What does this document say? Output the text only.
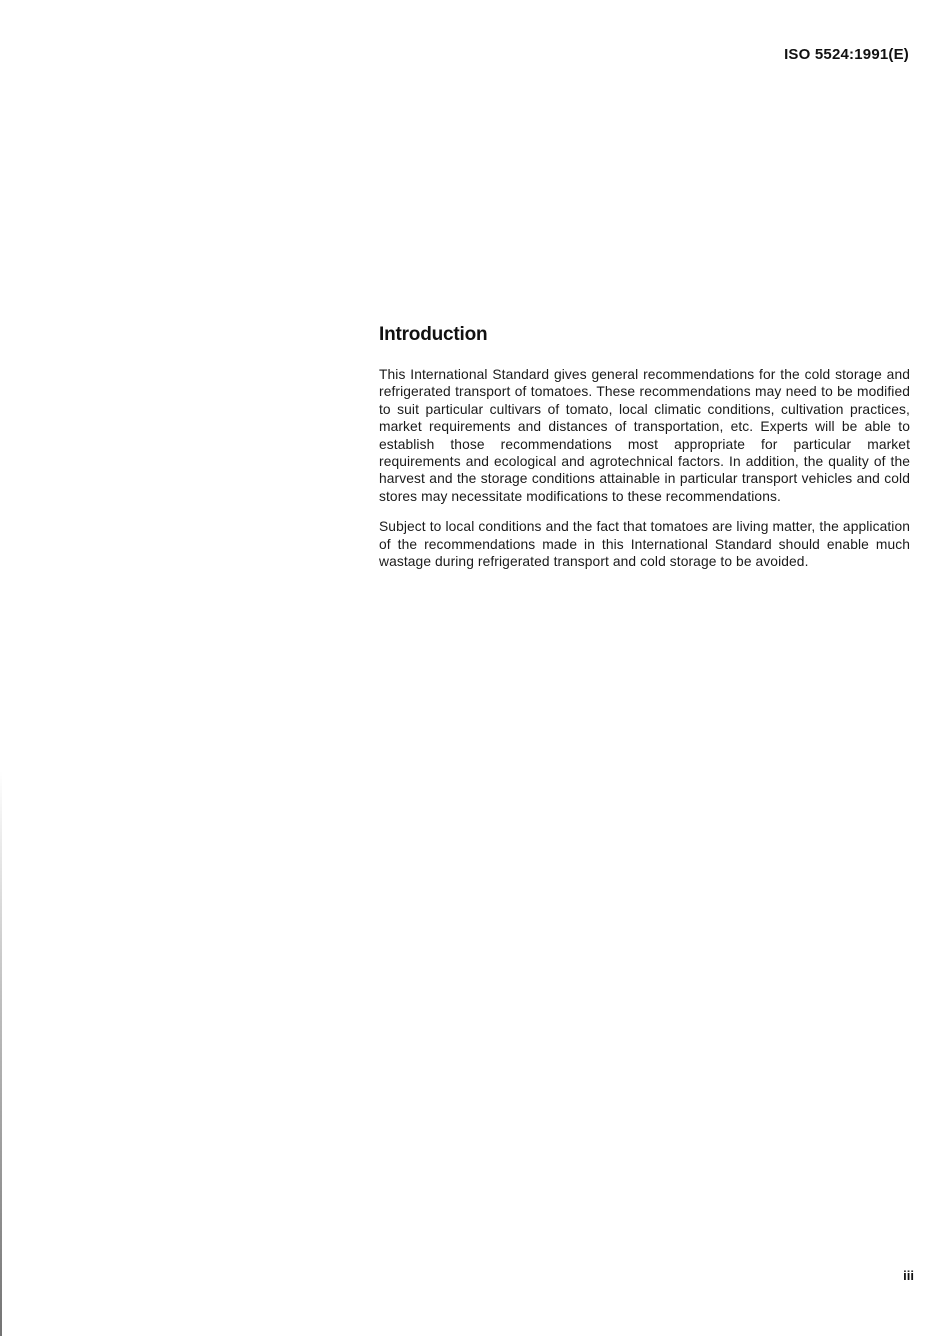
ISO 5524:1991(E)
Introduction

This International Standard gives general recommendations for the cold storage and refrigerated transport of tomatoes. These recommendations may need to be modified to suit particular cultivars of tomato, local climatic conditions, cultivation practices, market requirements and distances of transportation, etc. Experts will be able to establish those recommendations most appropriate for particular market requirements and ecological and agrotechnical factors. In addition, the quality of the harvest and the storage conditions attainable in particular transport vehicles and cold stores may necessitate modifications to these recommendations.

Subject to local conditions and the fact that tomatoes are living matter, the application of the recommendations made in this International Standard should enable much wastage during refrigerated transport and cold storage to be avoided.

iii
